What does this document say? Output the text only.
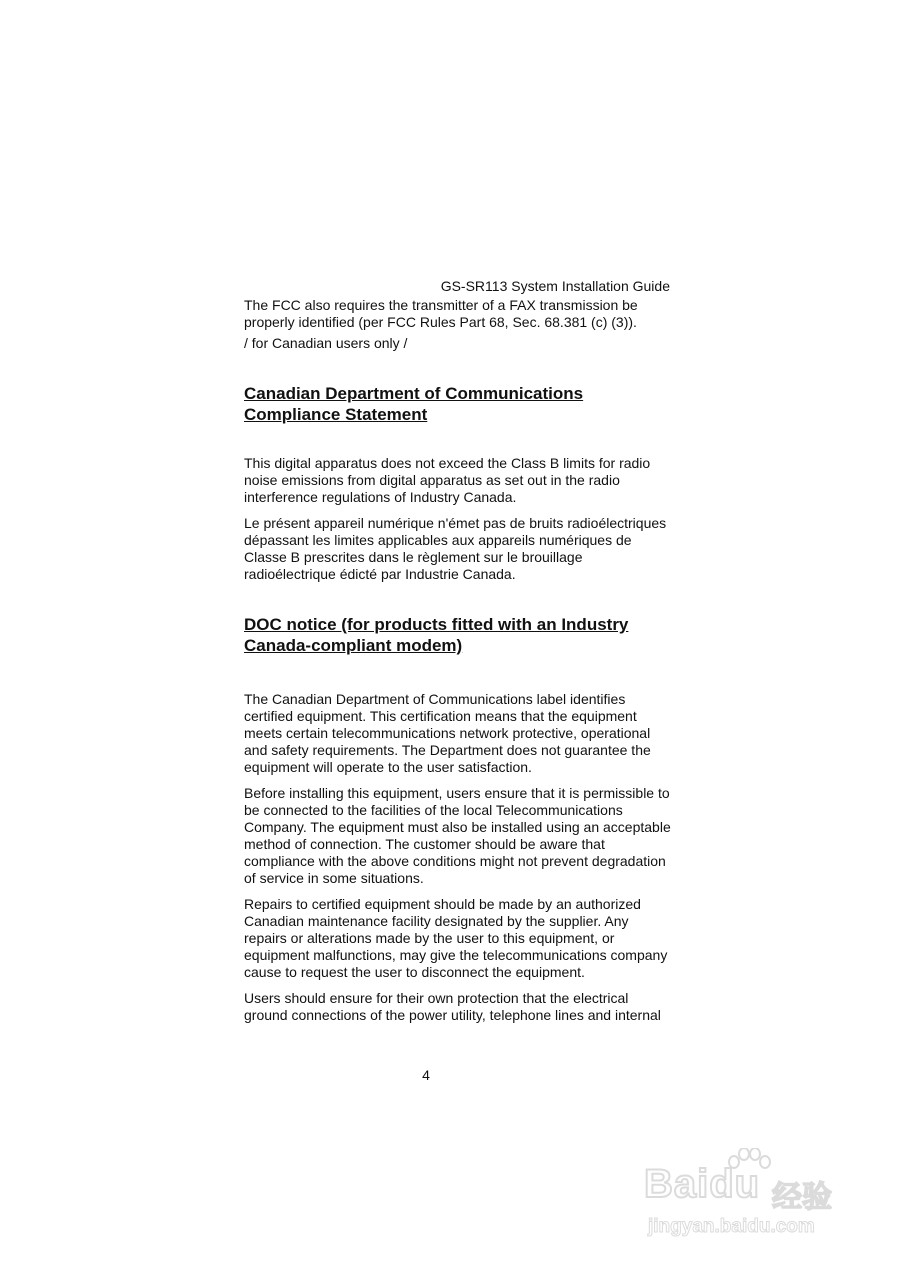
GS-SR113 System Installation Guide

The FCC also requires the transmitter of a FAX transmission be properly identified (per FCC Rules Part 68, Sec. 68.381 (c) (3)).

/ for Canadian users only /

Canadian Department of Communications Compliance Statement

This digital apparatus does not exceed the Class B limits for radio noise emissions from digital apparatus as set out in the radio interference regulations of Industry Canada.

Le présent appareil numérique n'émet pas de bruits radioélectriques dépassant les limites applicables aux appareils numériques de Classe B prescrites dans le règlement sur le brouillage radioélectrique édicté par Industrie Canada.

DOC notice (for products fitted with an Industry Canada-compliant modem)

The Canadian Department of Communications label identifies certified equipment. This certification means that the equipment meets certain telecommunications network protective, operational and safety requirements. The Department does not guarantee the equipment will operate to the user satisfaction.

Before installing this equipment, users ensure that it is permissible to be connected to the facilities of the local Telecommunications Company. The equipment must also be installed using an acceptable method of connection. The customer should be aware that compliance with the above conditions might not prevent degradation of service in some situations.

Repairs to certified equipment should be made by an authorized Canadian maintenance facility designated by the supplier. Any repairs or alterations made by the user to this equipment, or equipment malfunctions, may give the telecommunications company cause to request the user to disconnect the equipment.

Users should ensure for their own protection that the electrical ground connections of the power utility, telephone lines and internal

4
Baidu 经验
jingyan.baidu.com
